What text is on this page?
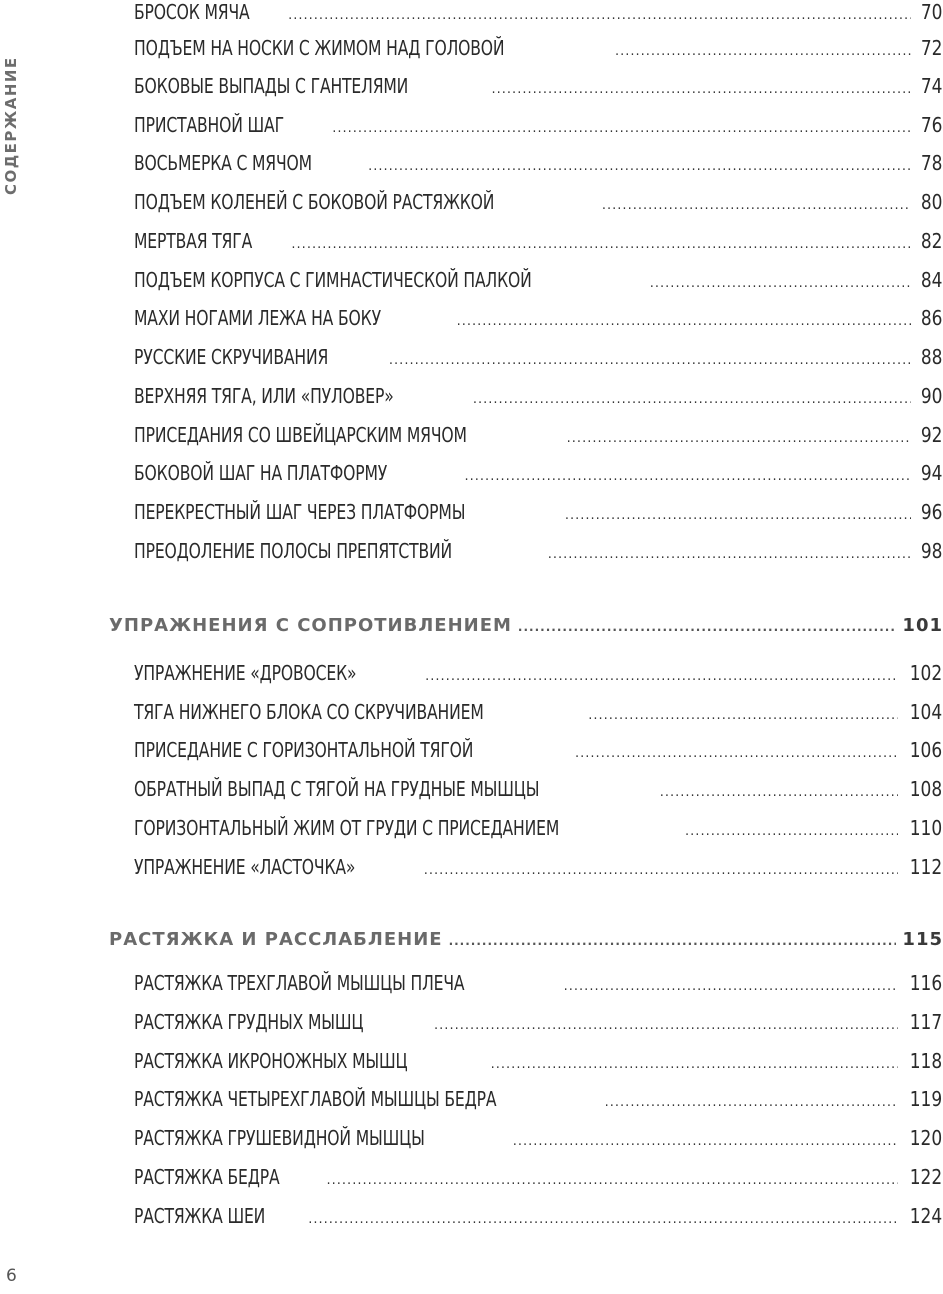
СОДЕРЖАНИЕ
БРОСОК МЯЧА .....	70
ПОДЪЕМ НА НОСКИ С ЖИМОМ НАД ГОЛОВОЙ .....	72
БОКОВЫЕ ВЫПАДЫ С ГАНТЕЛЯМИ .....	74
ПРИСТАВНОЙ ШАГ .....	76
ВОСЬМЕРКА С МЯЧОМ .....	78
ПОДЪЕМ КОЛЕНЕЙ С БОКОВОЙ РАСТЯЖКОЙ .....	80
МЕРТВАЯ ТЯГА .....	82
ПОДЪЕМ КОРПУСА С ГИМНАСТИЧЕСКОЙ ПАЛКОЙ .....	84
МАХИ НОГАМИ ЛЕЖА НА БОКУ .....	86
РУССКИЕ СКРУЧИВАНИЯ .....	88
ВЕРХНЯЯ ТЯГА, ИЛИ «ПУЛОВЕР» .....	90
ПРИСЕДАНИЯ СО ШВЕЙЦАРСКИМ МЯЧОМ .....	92
БОКОВОЙ ШАГ НА ПЛАТФОРМУ .....	94
ПЕРЕКРЕСТНЫЙ ШАГ ЧЕРЕЗ ПЛАТФОРМЫ .....	96
ПРЕОДОЛЕНИЕ ПОЛОСЫ ПРЕПЯТСТВИЙ .....	98
УПРАЖНЕНИЯ С СОПРОТИВЛЕНИЕМ .....	101
УПРАЖНЕНИЕ «ДРОВОСЕК» .....	102
ТЯГА НИЖНЕГО БЛОКА СО СКРУЧИВАНИЕМ .....	104
ПРИСЕДАНИЕ С ГОРИЗОНТАЛЬНОЙ ТЯГОЙ .....	106
ОБРАТНЫЙ ВЫПАД С ТЯГОЙ НА ГРУДНЫЕ МЫШЦЫ .....	108
ГОРИЗОНТАЛЬНЫЙ ЖИМ ОТ ГРУДИ С ПРИСЕДАНИЕМ .....	110
УПРАЖНЕНИЕ «ЛАСТОЧКА» .....	112
РАСТЯЖКА И РАССЛАБЛЕНИЕ .....	115
РАСТЯЖКА ТРЕХГЛАВОЙ МЫШЦЫ ПЛЕЧА .....	116
РАСТЯЖКА ГРУДНЫХ МЫШЦ .....	117
РАСТЯЖКА ИКРОНОЖНЫХ МЫШЦ .....	118
РАСТЯЖКА ЧЕТЫРЕХГЛАВОЙ МЫШЦЫ БЕДРА .....	119
РАСТЯЖКА ГРУШЕВИДНОЙ МЫШЦЫ .....	120
РАСТЯЖКА БЕДРА .....	122
РАСТЯЖКА ШЕИ .....	124
6
